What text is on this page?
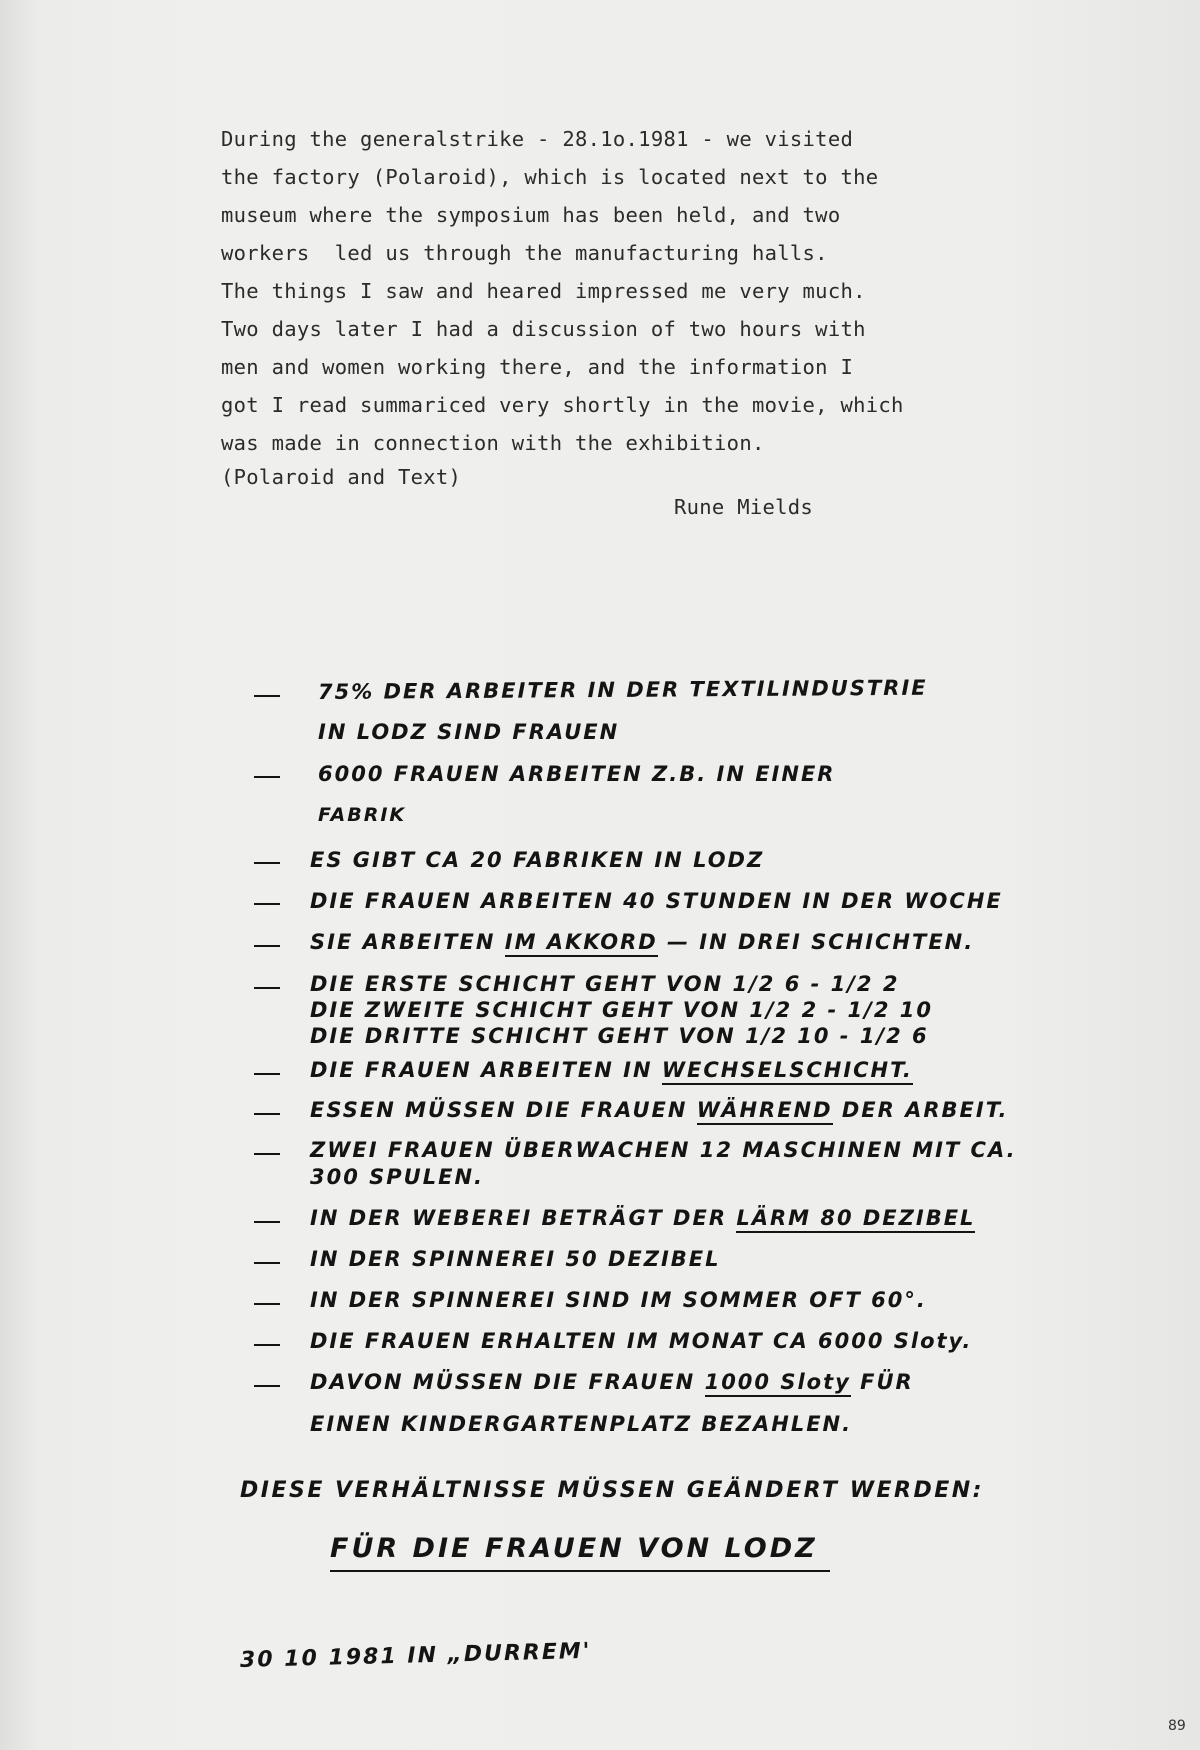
During the generalstrike - 28.1o.1981 - we visited
the factory (Polaroid), which is located next to the
museum where the symposium has been held, and two
workers  led us through the manufacturing halls.
The things I saw and heared impressed me very much.
Two days later I had a discussion of two hours with
men and women working there, and the information I
got I read summariced very shortly in the movie, which
was made in connection with the exhibition.
(Polaroid and Text)
Rune Mields
75% DER ARBEITER IN DER TEXTILINDUSTRIE
IN LODZ SIND FRAUEN
6000 FRAUEN ARBEITEN Z.B. IN EINER
FABRIK
ES GIBT CA 20 FABRIKEN IN LODZ
DIE FRAUEN ARBEITEN 40 STUNDEN IN DER WOCHE
SIE ARBEITEN IM AKKORD — IN DREI SCHICHTEN.
DIE ERSTE SCHICHT GEHT VON 1/2 6 - 1/2 2
DIE ZWEITE SCHICHT GEHT VON 1/2 2 - 1/2 10
DIE DRITTE SCHICHT GEHT VON 1/2 10 - 1/2 6
DIE FRAUEN ARBEITEN IN WECHSELSCHICHT.
ESSEN MÜSSEN DIE FRAUEN WÄHREND DER ARBEIT.
ZWEI FRAUEN ÜBERWACHEN 12 MASCHINEN MIT CA.
300 SPULEN.
IN DER WEBEREI BETRÄGT DER LÄRM 80 DEZIBEL
IN DER SPINNEREI 50 DEZIBEL
IN DER SPINNEREI SIND IM SOMMER OFT 60°.
DIE FRAUEN ERHALTEN IM MONAT CA 6000 Sloty.
DAVON MÜSSEN DIE FRAUEN 1000 Sloty FÜR
EINEN KINDERGARTENPLATZ BEZAHLEN.
DIESE VERHÄLTNISSE MÜSSEN GEÄNDERT WERDEN:
FÜR DIE FRAUEN VON LODZ
30 10 1981 IN „DURREM'
89
